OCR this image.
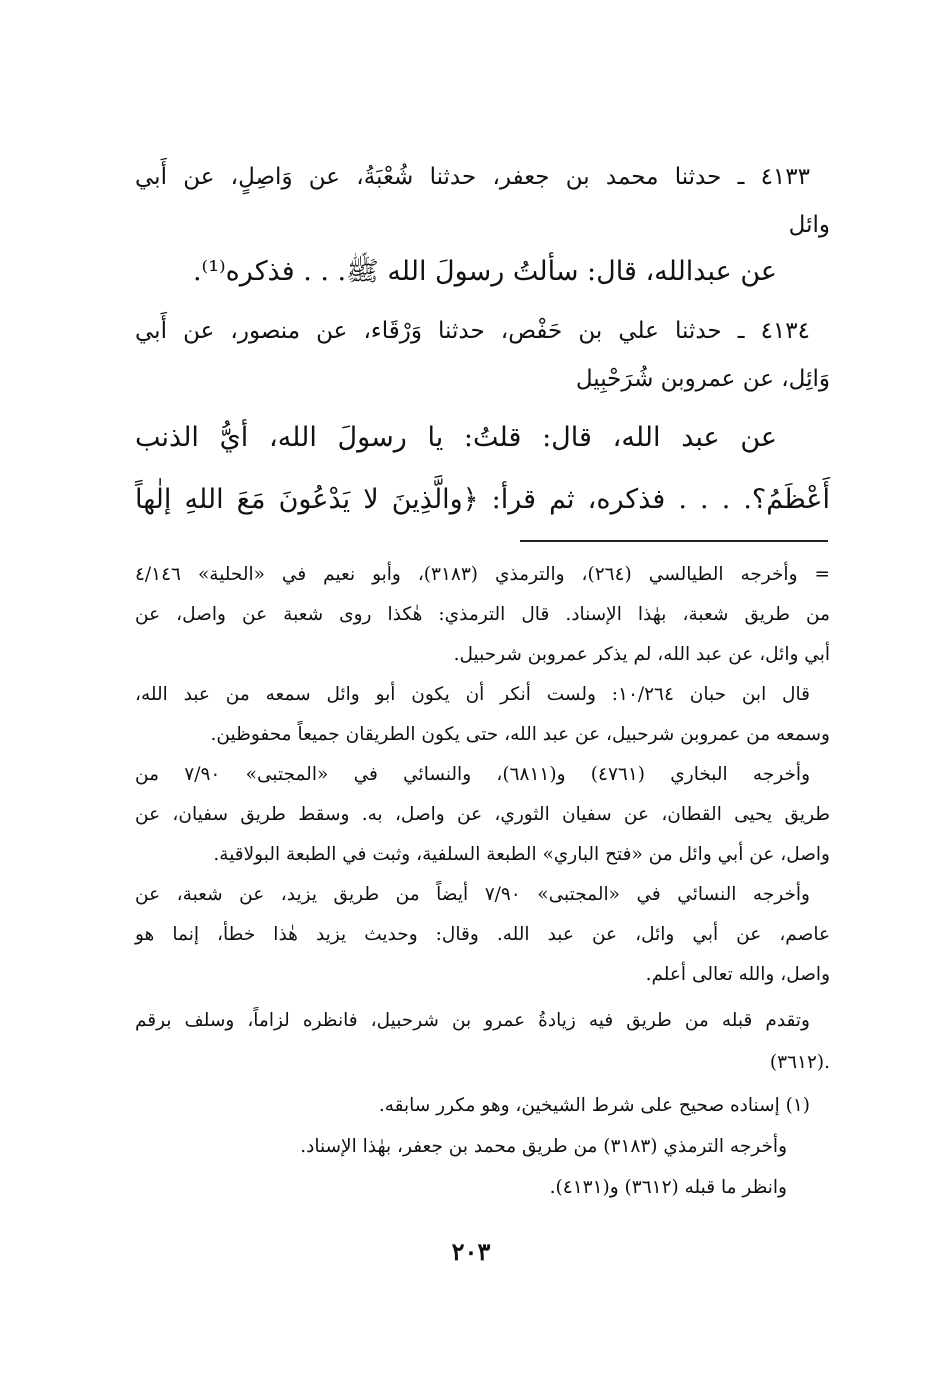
٤١٣٣ ـ حدثنا محمد بن جعفر، حدثنا شُعْبَةُ، عن وَاصِلٍ، عن أَبي
وائل
عن عبدالله، قال: سألتُ رسولَ الله ﷺ. . . فذكره⁽¹⁾.
٤١٣٤ ـ حدثنا علي بن حَفْص، حدثنا وَرْقَاء، عن منصور، عن أَبي
وَائِل، عن عمروبن شُرَحْبِيل
عن عبد الله، قال: قلتُ: يا رسولَ الله، أيُّ الذنب
أَعْظَمُ؟. . . . فذكره، ثم قرأ: ﴿والَّذِينَ لا يَدْعُونَ مَعَ اللهِ إلٰهاً
= وأخرجه الطيالسي (٢٦٤)، والترمذي (٣١٨٣)، وأبو نعيم في «الحلية» ٤/١٤٦
من طريق شعبة، بهٰذا الإسناد. قال الترمذي: هٰكذا روى شعبة عن واصل، عن
أبي وائل، عن عبد الله، لم يذكر عمروبن شرحبيل.
قال ابن حبان ١٠/٢٦٤: ولست أنكر أن يكون أبو وائل سمعه من عبد الله،
وسمعه من عمروبن شرحبيل، عن عبد الله، حتى يكون الطريقان جميعاً محفوظين.
وأخرجه البخاري (٤٧٦١) و(٦٨١١)، والنسائي في «المجتبى» ٧/٩٠ من
طريق يحيى القطان، عن سفيان الثوري، عن واصل، به. وسقط طريق سفيان، عن
واصل، عن أبي وائل من «فتح الباري» الطبعة السلفية، وثبت في الطبعة البولاقية.
وأخرجه النسائي في «المجتبى» ٧/٩٠ أيضاً من طريق يزيد، عن شعبة، عن
عاصم، عن أبي وائل، عن عبد الله. وقال: وحديث يزيد هٰذا خطأ، إنما هو
واصل، والله تعالى أعلم.
وتقدم قبله من طريق فيه زيادةُ عمرو بن شرحبيل، فانظره لزاماً، وسلف برقم
(٣٦١٢).
(١) إسناده صحيح على شرط الشيخين، وهو مكرر سابقه.
وأخرجه الترمذي (٣١٨٣) من طريق محمد بن جعفر، بهٰذا الإسناد.
وانظر ما قبله (٣٦١٢) و(٤١٣١).
٢٠٣
